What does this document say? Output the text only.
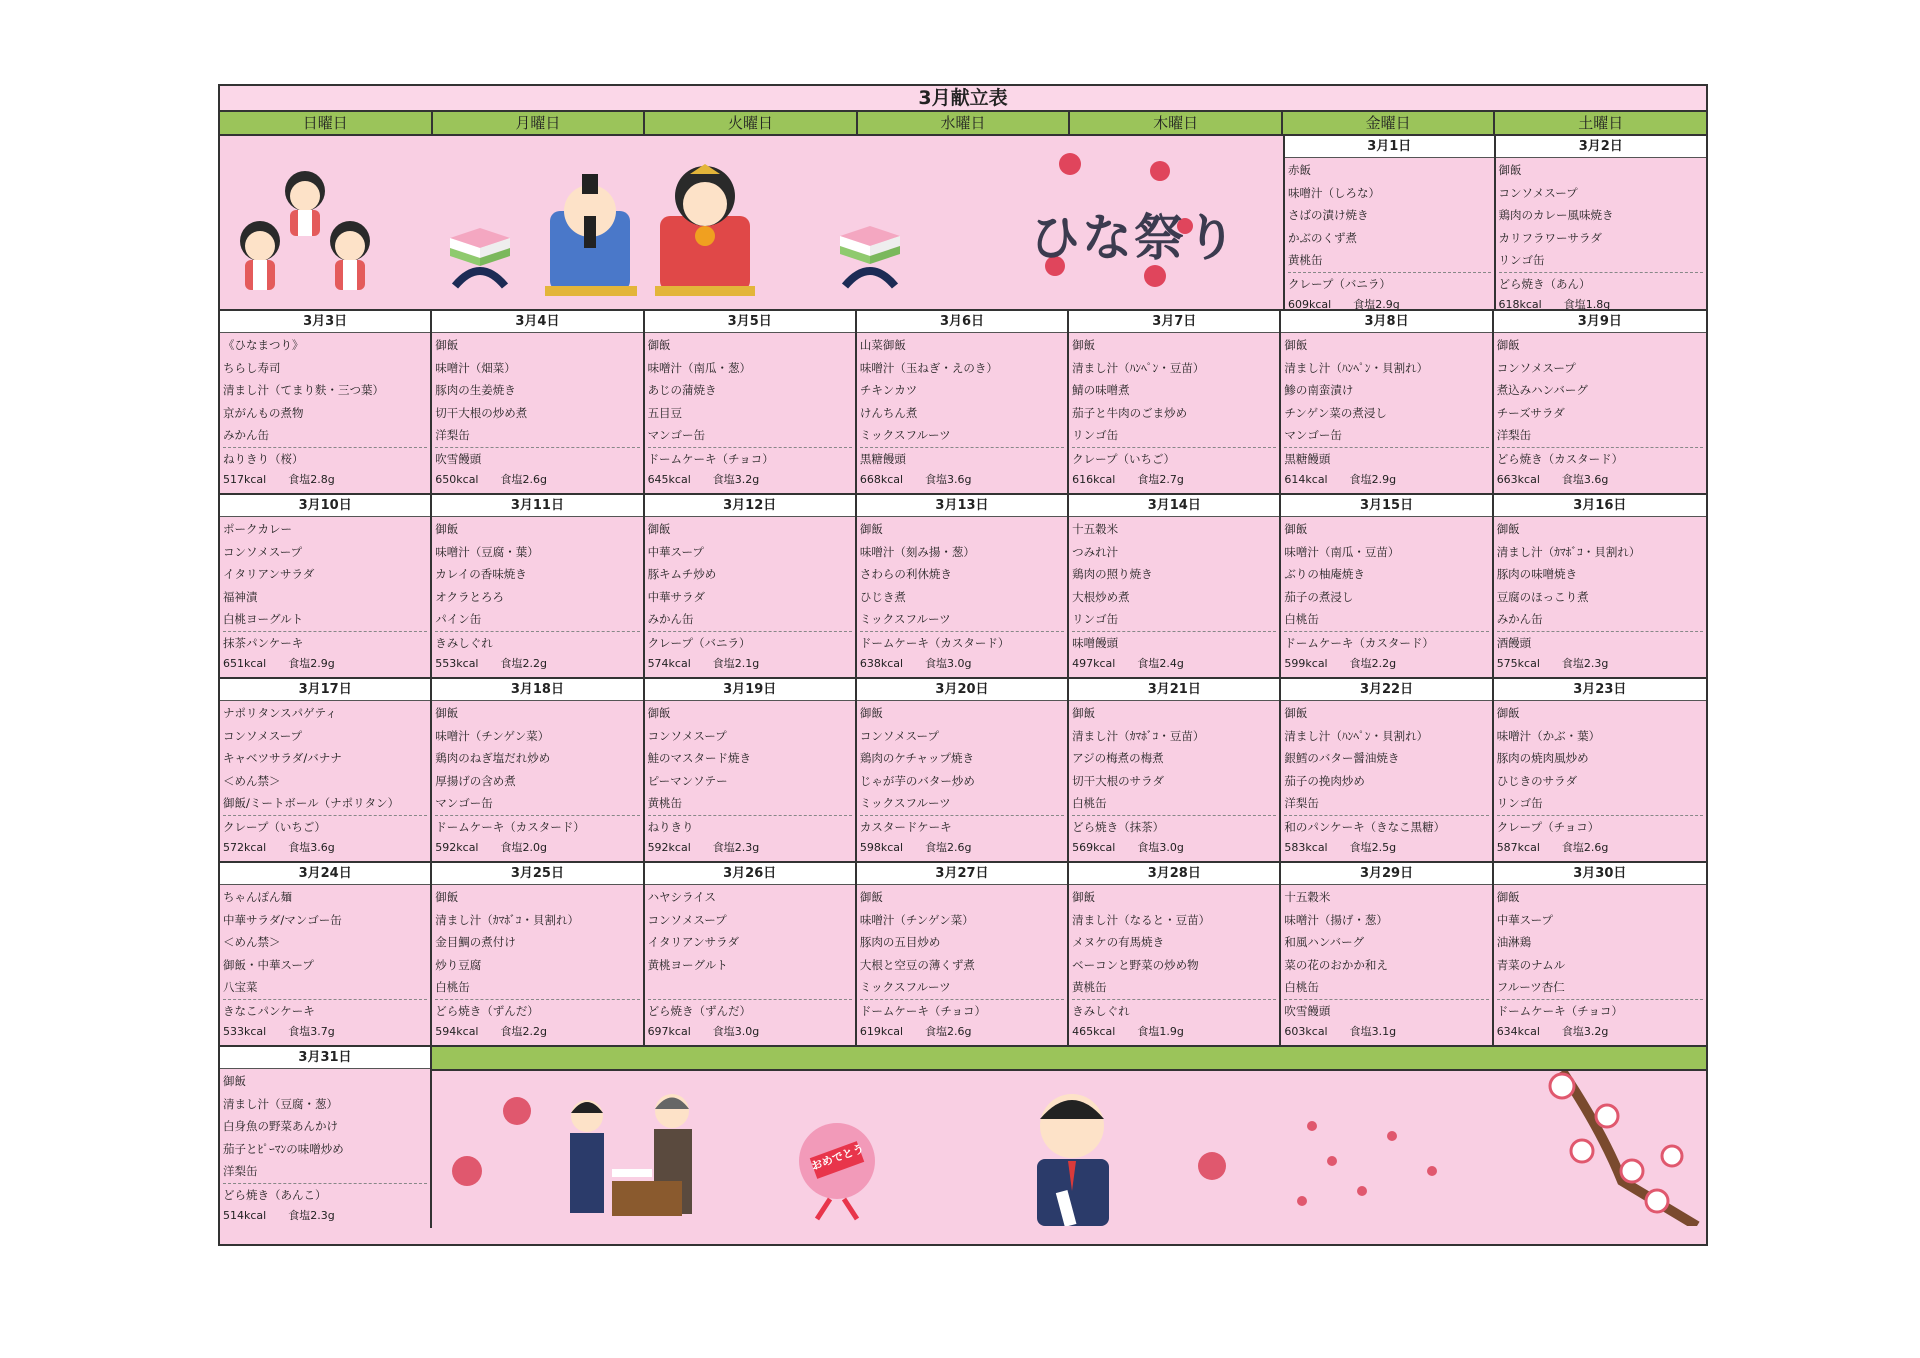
3月献立表
日曜日	月曜日	火曜日	水曜日	木曜日	金曜日	土曜日
ひな祭り
3月1日
赤飯
味噌汁（しろな）
さばの漬け焼き
かぶのくず煮
黄桃缶
クレープ（バニラ）
609kcal 食塩2.9g
3月2日
御飯
コンソメスープ
鶏肉のカレー風味焼き
カリフラワーサラダ
リンゴ缶
どら焼き（あん）
618kcal 食塩1.8g
3月3日
《ひなまつり》
ちらし寿司
清まし汁（てまり麩・三つ葉）
京がんもの煮物
みかん缶
ねりきり（桜）
517kcal 食塩2.8g
3月4日
御飯
味噌汁（畑菜）
豚肉の生姜焼き
切干大根の炒め煮
洋梨缶
吹雪饅頭
650kcal 食塩2.6g
3月5日
御飯
味噌汁（南瓜・葱）
あじの蒲焼き
五目豆
マンゴー缶
ドームケーキ（チョコ）
645kcal 食塩3.2g
3月6日
山菜御飯
味噌汁（玉ねぎ・えのき）
チキンカツ
けんちん煮
ミックスフルーツ
黒糖饅頭
668kcal 食塩3.6g
3月7日
御飯
清まし汁（ﾊﾝﾍﾟﾝ・豆苗）
鯖の味噌煮
茄子と牛肉のごま炒め
リンゴ缶
クレープ（いちご）
616kcal 食塩2.7g
3月8日
御飯
清まし汁（ﾊﾝﾍﾟﾝ・貝割れ）
鯵の南蛮漬け
チンゲン菜の煮浸し
マンゴー缶
黒糖饅頭
614kcal 食塩2.9g
3月9日
御飯
コンソメスープ
煮込みハンバーグ
チーズサラダ
洋梨缶
どら焼き（カスタード）
663kcal 食塩3.6g
3月10日
ポークカレー
コンソメスープ
イタリアンサラダ
福神漬
白桃ヨーグルト
抹茶パンケーキ
651kcal 食塩2.9g
3月11日
御飯
味噌汁（豆腐・葉）
カレイの香味焼き
オクラとろろ
パイン缶
きみしぐれ
553kcal 食塩2.2g
3月12日
御飯
中華スープ
豚キムチ炒め
中華サラダ
みかん缶
クレープ（バニラ）
574kcal 食塩2.1g
3月13日
御飯
味噌汁（刻み揚・葱）
さわらの利休焼き
ひじき煮
ミックスフルーツ
ドームケーキ（カスタード）
638kcal 食塩3.0g
3月14日
十五穀米
つみれ汁
鶏肉の照り焼き
大根炒め煮
リンゴ缶
味噌饅頭
497kcal 食塩2.4g
3月15日
御飯
味噌汁（南瓜・豆苗）
ぶりの柚庵焼き
茄子の煮浸し
白桃缶
ドームケーキ（カスタード）
599kcal 食塩2.2g
3月16日
御飯
清まし汁（ｶﾏﾎﾞｺ・貝割れ）
豚肉の味噌焼き
豆腐のほっこり煮
みかん缶
酒饅頭
575kcal 食塩2.3g
3月17日
ナポリタンスパゲティ
コンソメスープ
キャベツサラダ/バナナ
＜めん禁＞
御飯/ミートボール（ナポリタン）
クレープ（いちご）
572kcal 食塩3.6g
3月18日
御飯
味噌汁（チンゲン菜）
鶏肉のねぎ塩だれ炒め
厚揚げの含め煮
マンゴー缶
ドームケーキ（カスタード）
592kcal 食塩2.0g
3月19日
御飯
コンソメスープ
鮭のマスタード焼き
ピーマンソテー
黄桃缶
ねりきり
592kcal 食塩2.3g
3月20日
御飯
コンソメスープ
鶏肉のケチャップ焼き
じゃが芋のバター炒め
ミックスフルーツ
カスタードケーキ
598kcal 食塩2.6g
3月21日
御飯
清まし汁（ｶﾏﾎﾞｺ・豆苗）
アジの梅煮の梅煮
切干大根のサラダ
白桃缶
どら焼き（抹茶）
569kcal 食塩3.0g
3月22日
御飯
清まし汁（ﾊﾝﾍﾟﾝ・貝割れ）
銀鱈のバター醤油焼き
茄子の挽肉炒め
洋梨缶
和のパンケーキ（きなこ黒糖）
583kcal 食塩2.5g
3月23日
御飯
味噌汁（かぶ・葉）
豚肉の焼肉風炒め
ひじきのサラダ
リンゴ缶
クレープ（チョコ）
587kcal 食塩2.6g
3月24日
ちゃんぽん麺
中華サラダ/マンゴー缶
＜めん禁＞
御飯・中華スープ
八宝菜
きなこパンケーキ
533kcal 食塩3.7g
3月25日
御飯
清まし汁（ｶﾏﾎﾞｺ・貝割れ）
金目鯛の煮付け
炒り豆腐
白桃缶
どら焼き（ずんだ）
594kcal 食塩2.2g
3月26日
ハヤシライス
コンソメスープ
イタリアンサラダ
黄桃ヨーグルト
どら焼き（ずんだ）
697kcal 食塩3.0g
3月27日
御飯
味噌汁（チンゲン菜）
豚肉の五目炒め
大根と空豆の薄くず煮
ミックスフルーツ
ドームケーキ（チョコ）
619kcal 食塩2.6g
3月28日
御飯
清まし汁（なると・豆苗）
メヌケの有馬焼き
ベーコンと野菜の炒め物
黄桃缶
きみしぐれ
465kcal 食塩1.9g
3月29日
十五穀米
味噌汁（揚げ・葱）
和風ハンバーグ
菜の花のおかか和え
白桃缶
吹雪饅頭
603kcal 食塩3.1g
3月30日
御飯
中華スープ
油淋鶏
青菜のナムル
フルーツ杏仁
ドームケーキ（チョコ）
634kcal 食塩3.2g
3月31日
御飯
清まし汁（豆腐・葱）
白身魚の野菜あんかけ
茄子とﾋﾟｰﾏﾝの味噌炒め
洋梨缶
どら焼き（あんこ）
514kcal 食塩2.3g
おめでとう
